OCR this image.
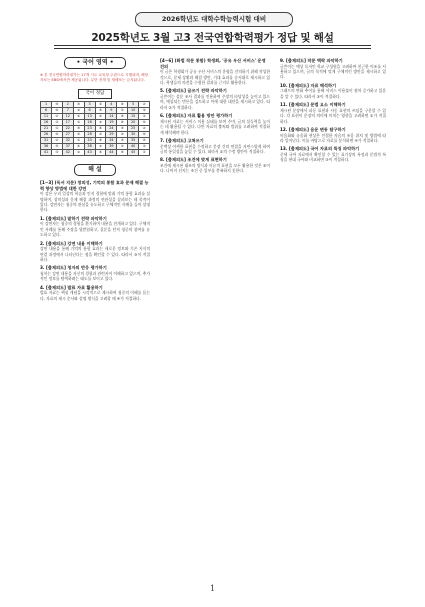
2026학년도 대학수학능력시험 대비
2025학년도 3월 고3 전국연합학력평가 정답 및 해설
• 국어 영역 •

※ 본 전국연합학력평가는 17개 시도 교육청 주관으로 시행되며, 해당 자료는 EBSi에서만 제공됩니다. 무단 전재 및 재배포는 금지됩니다.

국어 정답
1	⑤	2	③	3	①	4	④	5	②
6	④	7	②	8	⑤	9	①	10	③
11	②	12	④	13	③	14	⑤	15	①
16	③	17	①	18	②	19	④	20	⑤
21	①	22	⑤	23	④	24	③	25	②
26	④	27	③	28	①	29	②	30	⑤
31	②	32	①	33	⑤	34	③	35	④
36	⑤	37	④	38	②	39	①	40	③
41	③	42	②	43	④	44	⑤	45	①
해 설
[1~3] (독서 지문) 창의성, 기억의 통합 효과 문제 해결 능력 향상 방법에 대한 강연

이 강은 우리 일상의 학습과 인지 경험에 맞춰 기억 통합 효과를 설명하며, 창의성과 문제 해결 과정의 연관성을 살펴보는 데 목적이 있다. 강연자는 청중의 관심을 유도하고 구체적인 사례를 들어 설명한다.

1. [출제의도] 말하기 전략 파악하기

이 강연자는 청중의 경험을 환기하며 내용을 전개하고 있다. 구체적인 사례를 통해 주장을 뒷받침하고, 질문을 던져 청중의 참여를 유도하고 있다.

2. [출제의도] 강연 내용 이해하기

강연 내용을 통해 기억의 통합 효과는 새로운 정보와 기존 지식의 연결 과정에서 나타난다는 점을 확인할 수 있다. 따라서 ③이 적절하다.

3. [출제의도] 청자의 반응 평가하기

청자는 강연 내용을 자신의 경험과 관련지어 이해하고 있으며, 추가적인 정보를 탐색하려는 태도를 보이고 있다.

4. [출제의도] 발표 자료 활용하기

발표 자료는 핵심 개념을 시각적으로 제시하여 청중의 이해를 돕는다. 자료의 제시 순서와 설명 방식을 고려할 때 ④가 적절하다.

[4~6] (화법 작문 통합) 학생회, '공유 우산 서비스' 운영 건의

이 글은 학생회가 공유 우산 서비스의 운영을 건의하기 위해 작성한 것으로, 문제 상황과 해결 방안, 기대 효과를 순서대로 제시하고 있다. 학생들의 의견을 수렴한 결과를 근거로 활용한다.

5. [출제의도] 글쓰기 전략 파악하기

글쓴이는 설문 조사 결과를 인용하여 주장의 타당성을 높이고 있으며, 예상되는 반론을 검토하고 이에 대한 대안을 제시하고 있다. 따라서 ②가 적절하다.

6. [출제의도] 자료 활용 방안 평가하기

제시된 자료는 서비스 이용 실태를 보여 주며, 글의 설득력을 높이는 데 활용될 수 있다. 다만 자료의 출처와 범위를 고려하여 적절하게 해석해야 한다.

7. [출제의도] 고쳐쓰기

문맥상 어색한 표현을 수정하고 문장 간의 연결을 자연스럽게 하여 글의 통일성을 높일 수 있다. 따라서 ②의 수정 방안이 적절하다.

8. [출제의도] 조건에 맞게 표현하기

조건에 제시된 대조의 방식과 비유적 표현을 모두 활용한 것은 ⑤이다. 나머지 선지는 조건 중 일부를 충족하지 못한다.

9. [출제의도] 작문 맥락 파악하기

글쓴이는 예상 독자인 학교 구성원을 고려하여 친근한 어조를 사용하고 있으며, 글의 목적에 맞게 구체적인 방안을 제시하고 있다.

10. [출제의도] 자료 해석하기

그래프의 변화 추이를 통해 서비스 이용률이 점차 증가하고 있음을 알 수 있다. 따라서 ③이 적절하다.

11. [출제의도] 문법 요소 이해하기

제시된 문장에서 피동 표현과 사동 표현의 쓰임을 구분할 수 있다. 각 표현이 문장의 의미에 미치는 영향을 고려하면 ②가 적절하다.

12. [출제의도] 음운 변동 탐구하기

비음화와 유음화 현상은 인접한 자음의 조음 위치 및 방법에 따라 일어난다. 이를 바탕으로 자료를 분석하면 ④가 적절하다.

13. [출제의도] 국어 자료의 특징 파악하기

중세 국어 자료에서 확인할 수 있는 표기상의 특징과 문법적 특징을 현대 국어와 비교하면 ③이 적절하다.

1
